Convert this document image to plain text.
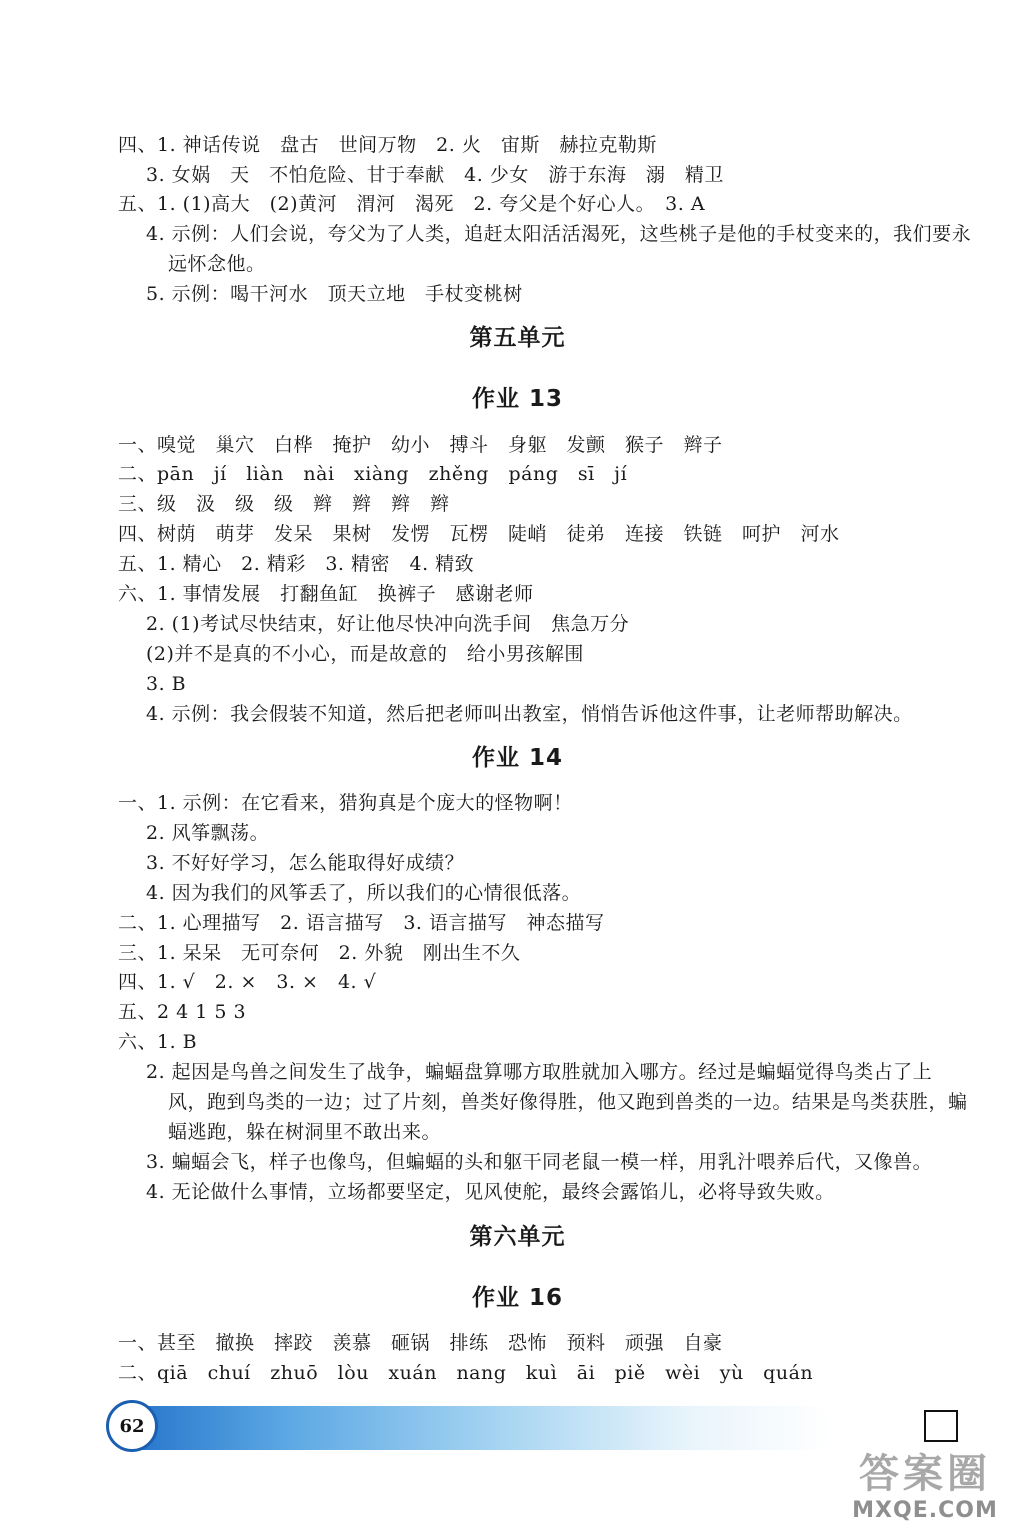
四、1. 神话传说　盘古　世间万物　2. 火　宙斯　赫拉克勒斯
3. 女娲　天　不怕危险、甘于奉献　4. 少女　游于东海　溺　精卫
五、1. (1)高大　(2)黄河　渭河　渴死　2. 夸父是个好心人。　3. A
4. 示例：人们会说，夸父为了人类，追赶太阳活活渴死，这些桃子是他的手杖变来的，我们要永
远怀念他。
5. 示例：喝干河水　顶天立地　手杖变桃树
第五单元
作业 13
一、嗅觉　巢穴　白桦　掩护　幼小　搏斗　身躯　发颤　猴子　辫子
二、pān　jí　liàn　nài　xiàng　zhěng　páng　sī　jí
三、级　汲　级　级　辫　辫　辫　辫
四、树荫　萌芽　发呆　果树　发愣　瓦楞　陡峭　徒弟　连接　铁链　呵护　河水
五、1. 精心　2. 精彩　3. 精密　4. 精致
六、1. 事情发展　打翻鱼缸　换裤子　感谢老师
2. (1)考试尽快结束，好让他尽快冲向洗手间　焦急万分
(2)并不是真的不小心，而是故意的　给小男孩解围
3. B
4. 示例：我会假装不知道，然后把老师叫出教室，悄悄告诉他这件事，让老师帮助解决。
作业 14
一、1. 示例：在它看来，猎狗真是个庞大的怪物啊！
2. 风筝飘荡。
3. 不好好学习，怎么能取得好成绩？
4. 因为我们的风筝丢了，所以我们的心情很低落。
二、1. 心理描写　2. 语言描写　3. 语言描写　神态描写
三、1. 呆呆　无可奈何　2. 外貌　刚出生不久
四、1. √　2. ×　3. ×　4. √
五、2 4 1 5 3
六、1. B
2. 起因是鸟兽之间发生了战争，蝙蝠盘算哪方取胜就加入哪方。经过是蝙蝠觉得鸟类占了上
风，跑到鸟类的一边；过了片刻，兽类好像得胜，他又跑到兽类的一边。结果是鸟类获胜，蝙
蝠逃跑，躲在树洞里不敢出来。
3. 蝙蝠会飞，样子也像鸟，但蝙蝠的头和躯干同老鼠一模一样，用乳汁喂养后代，又像兽。
4. 无论做什么事情，立场都要坚定，见风使舵，最终会露馅儿，必将导致失败。
第六单元
作业 16
一、甚至　撤换　摔跤　羡慕　砸锅　排练　恐怖　预料　顽强　自豪
二、qiā　chuí　zhuō　lòu　xuán　nang　kuì　āi　piě　wèi　yù　quán
62
答案圈
MXQE.COM
